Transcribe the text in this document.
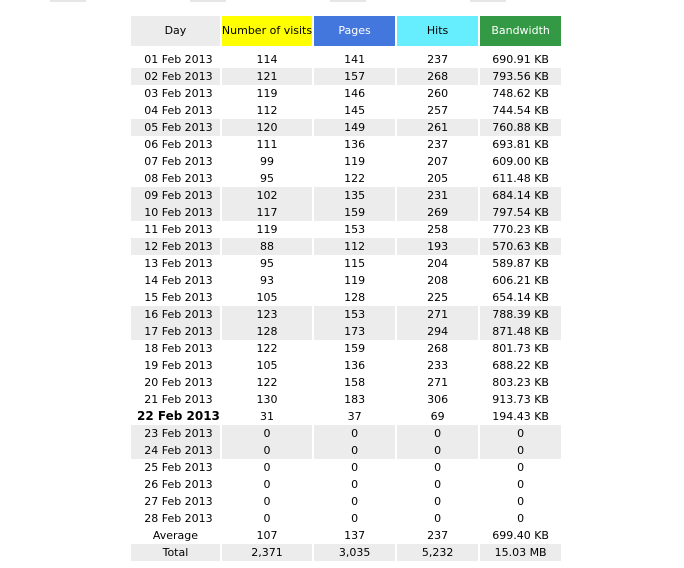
Day	Number of visits	Pages	Hits	Bandwidth

01 Feb 2013	114	141	237	690.91 KB
02 Feb 2013	121	157	268	793.56 KB
03 Feb 2013	119	146	260	748.62 KB
04 Feb 2013	112	145	257	744.54 KB
05 Feb 2013	120	149	261	760.88 KB
06 Feb 2013	111	136	237	693.81 KB
07 Feb 2013	99	119	207	609.00 KB
08 Feb 2013	95	122	205	611.48 KB
09 Feb 2013	102	135	231	684.14 KB
10 Feb 2013	117	159	269	797.54 KB
11 Feb 2013	119	153	258	770.23 KB
12 Feb 2013	88	112	193	570.63 KB
13 Feb 2013	95	115	204	589.87 KB
14 Feb 2013	93	119	208	606.21 KB
15 Feb 2013	105	128	225	654.14 KB
16 Feb 2013	123	153	271	788.39 KB
17 Feb 2013	128	173	294	871.48 KB
18 Feb 2013	122	159	268	801.73 KB
19 Feb 2013	105	136	233	688.22 KB
20 Feb 2013	122	158	271	803.23 KB
21 Feb 2013	130	183	306	913.73 KB
22 Feb 2013	31	37	69	194.43 KB
23 Feb 2013	0	0	0	0
24 Feb 2013	0	0	0	0
25 Feb 2013	0	0	0	0
26 Feb 2013	0	0	0	0
27 Feb 2013	0	0	0	0
28 Feb 2013	0	0	0	0
Average	107	137	237	699.40 KB
Total	2,371	3,035	5,232	15.03 MB
